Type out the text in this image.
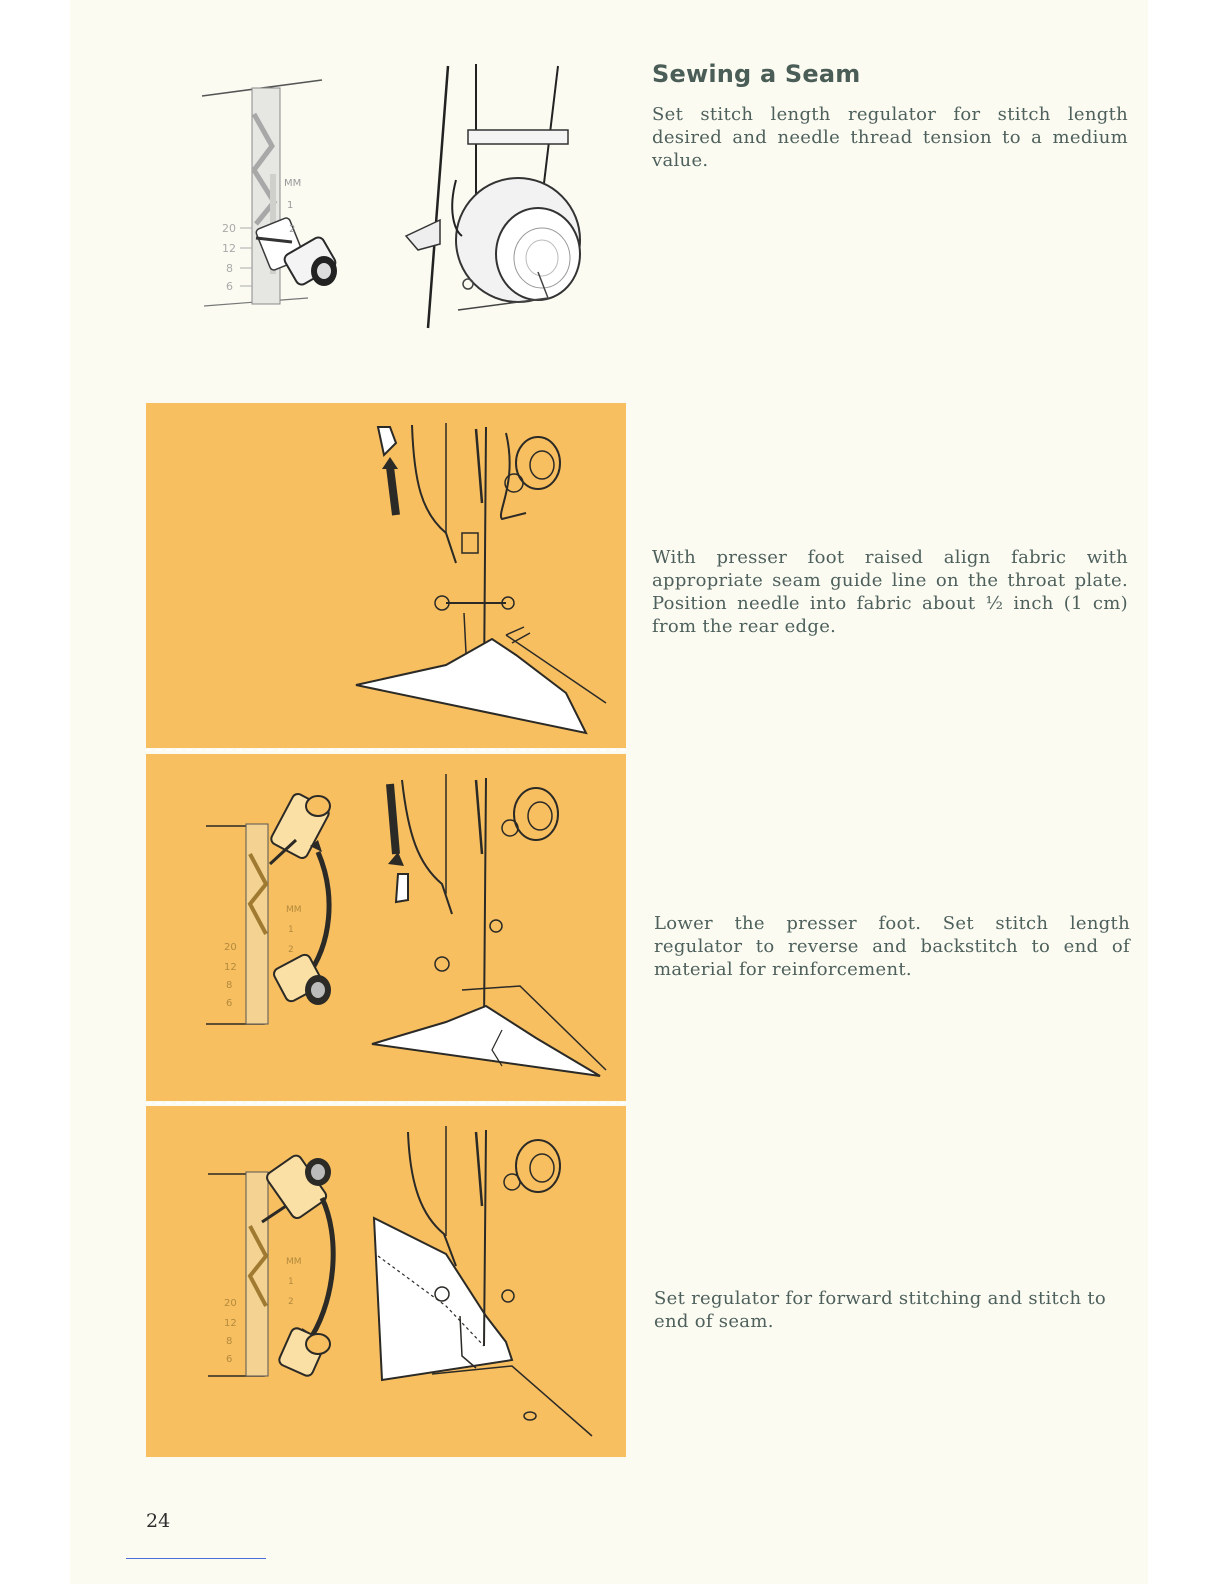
MM
1
2
20
12
8
6
Sewing a Seam

Set stitch length regulator for stitch length desired and needle thread tension to a medium value.

With presser foot raised align fabric with appropriate seam guide line on the throat plate. Position needle into fabric about ½ inch (1 cm) from the rear edge.

Lower the presser foot. Set stitch length regulator to reverse and backstitch to end of material for reinforcement.

Set regulator for forward stitching and stitch to end of seam.

MM
1
2
20
12
8
6
MM
1
2
20
12
8
6
24
